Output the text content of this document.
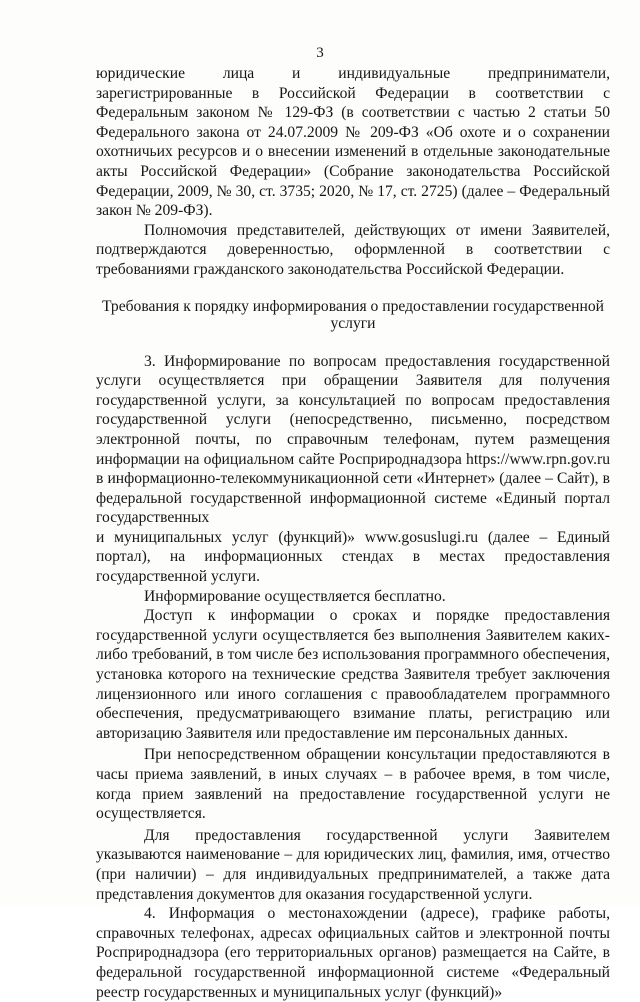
3

юридические лица и индивидуальные предприниматели, зарегистрированные в Российской Федерации в соответствии с Федеральным законом № 129-ФЗ (в соответствии с частью 2 статьи 50 Федерального закона от 24.07.2009 № 209-ФЗ «Об охоте и о сохранении охотничьих ресурсов и о внесении изменений в отдельные законодательные акты Российской Федерации» (Собрание законодательства Российской Федерации, 2009, № 30, ст. 3735; 2020, № 17, ст. 2725) (далее – Федеральный закон № 209-ФЗ).

Полномочия представителей, действующих от имени Заявителей, подтверждаются доверенностью, оформленной в соответствии с требованиями гражданского законодательства Российской Федерации.

Требования к порядку информирования о предоставлении государственной услуги

3. Информирование по вопросам предоставления государственной услуги осуществляется при обращении Заявителя для получения государственной услуги, за консультацией по вопросам предоставления государственной услуги (непосредственно, письменно, посредством электронной почты, по справочным телефонам, путем размещения информации на официальном сайте Росприроднадзора https://www.rpn.gov.ru в информационно-телекоммуникационной сети «Интернет» (далее – Сайт), в федеральной государственной информационной системе «Единый портал государственных

и муниципальных услуг (функций)» www.gosuslugi.ru (далее – Единый портал), на информационных стендах в местах предоставления государственной услуги.

Информирование осуществляется бесплатно.

Доступ к информации о сроках и порядке предоставления государственной услуги осуществляется без выполнения Заявителем каких-либо требований, в том числе без использования программного обеспечения, установка которого на технические средства Заявителя требует заключения лицензионного или иного соглашения с правообладателем программного обеспечения, предусматривающего взимание платы, регистрацию или авторизацию Заявителя или предоставление им персональных данных.

При непосредственном обращении консультации предоставляются в часы приема заявлений, в иных случаях – в рабочее время, в том числе, когда прием заявлений на предоставление государственной услуги не осуществляется.

Для предоставления государственной услуги Заявителем указываются наименование – для юридических лиц, фамилия, имя, отчество (при наличии) – для индивидуальных предпринимателей, а также дата представления документов для оказания государственной услуги.

4. Информация о местонахождении (адресе), графике работы, справочных телефонах, адресах официальных сайтов и электронной почты Росприроднадзора (его территориальных органов) размещается на Сайте, в федеральной государственной информационной системе «Федеральный реестр государственных и муниципальных услуг (функций)»
